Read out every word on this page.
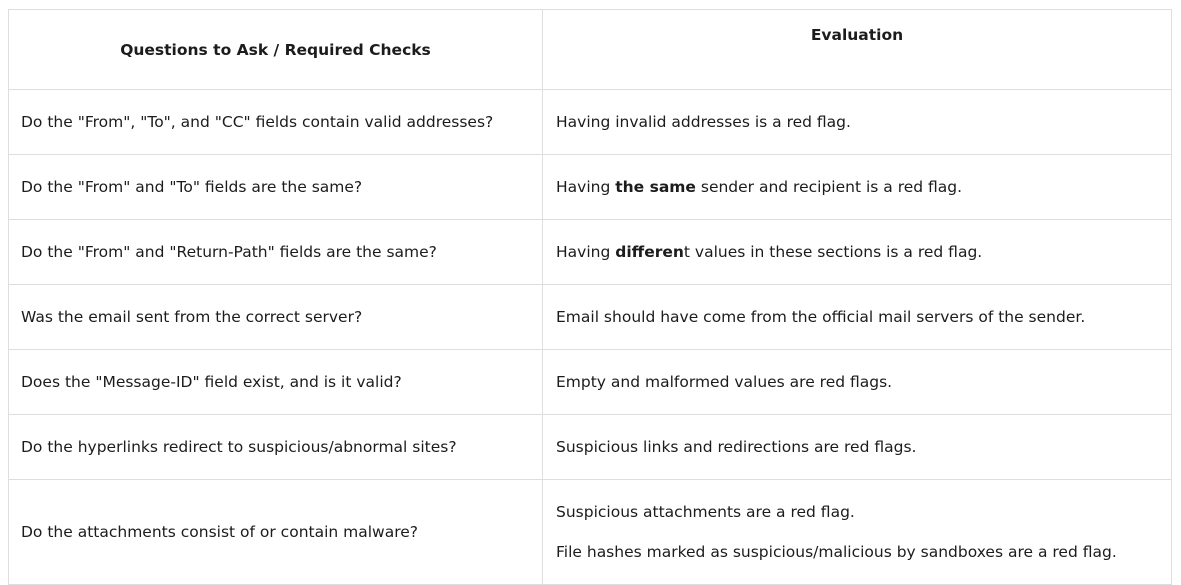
Questions to Ask / Required Checks	Evaluation
Do the "From", "To", and "CC" fields contain valid addresses?	Having invalid addresses is a red flag.
Do the "From" and "To" fields are the same?	Having the same sender and recipient is a red flag.
Do the "From" and "Return-Path" fields are the same?	Having different values in these sections is a red flag.
Was the email sent from the correct server?	Email should have come from the official mail servers of the sender.
Does the "Message-ID" field exist, and is it valid?	Empty and malformed values are red flags.
Do the hyperlinks redirect to suspicious/abnormal sites?	Suspicious links and redirections are red flags.
Do the attachments consist of or contain malware?	Suspicious attachments are a red flag.
File hashes marked as suspicious/malicious by sandboxes are a red flag.
